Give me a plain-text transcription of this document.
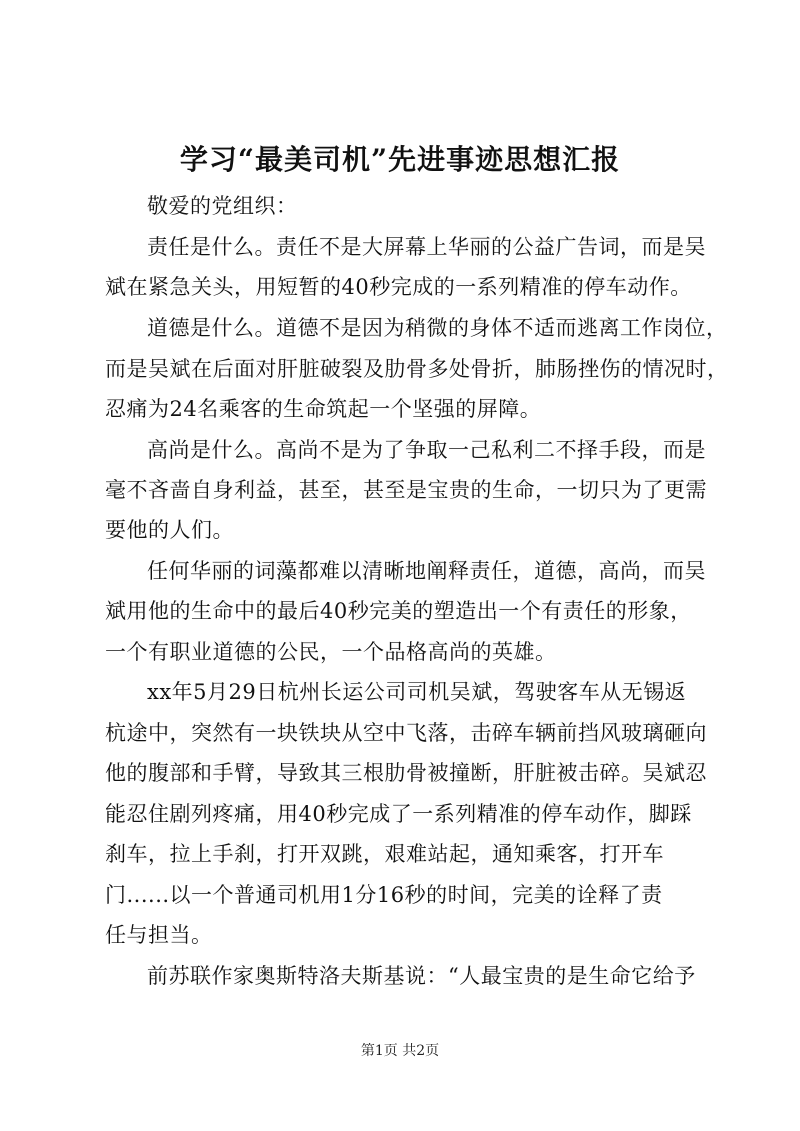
学习“最美司机”先进事迹思想汇报
敬爱的党组织：
责任是什么。责任不是大屏幕上华丽的公益广告词，而是吴
斌在紧急关头，用短暂的40秒完成的一系列精准的停车动作。
道德是什么。道德不是因为稍微的身体不适而逃离工作岗位，
而是吴斌在后面对肝脏破裂及肋骨多处骨折，肺肠挫伤的情况时，
忍痛为24名乘客的生命筑起一个坚强的屏障。
高尚是什么。高尚不是为了争取一己私利二不择手段，而是
毫不吝啬自身利益，甚至，甚至是宝贵的生命，一切只为了更需
要他的人们。
任何华丽的词藻都难以清晰地阐释责任，道德，高尚，而吴
斌用他的生命中的最后40秒完美的塑造出一个有责任的形象，
一个有职业道德的公民，一个品格高尚的英雄。
xx年5月29日杭州长运公司司机吴斌，驾驶客车从无锡返
杭途中，突然有一块铁块从空中飞落，击碎车辆前挡风玻璃砸向
他的腹部和手臂，导致其三根肋骨被撞断，肝脏被击碎。吴斌忍
能忍住剧列疼痛，用40秒完成了一系列精准的停车动作，脚踩
刹车，拉上手刹，打开双跳，艰难站起，通知乘客，打开车
门......以一个普通司机用1分16秒的时间，完美的诠释了责
任与担当。
前苏联作家奥斯特洛夫斯基说：“人最宝贵的是生命它给予
第1页 共2页
